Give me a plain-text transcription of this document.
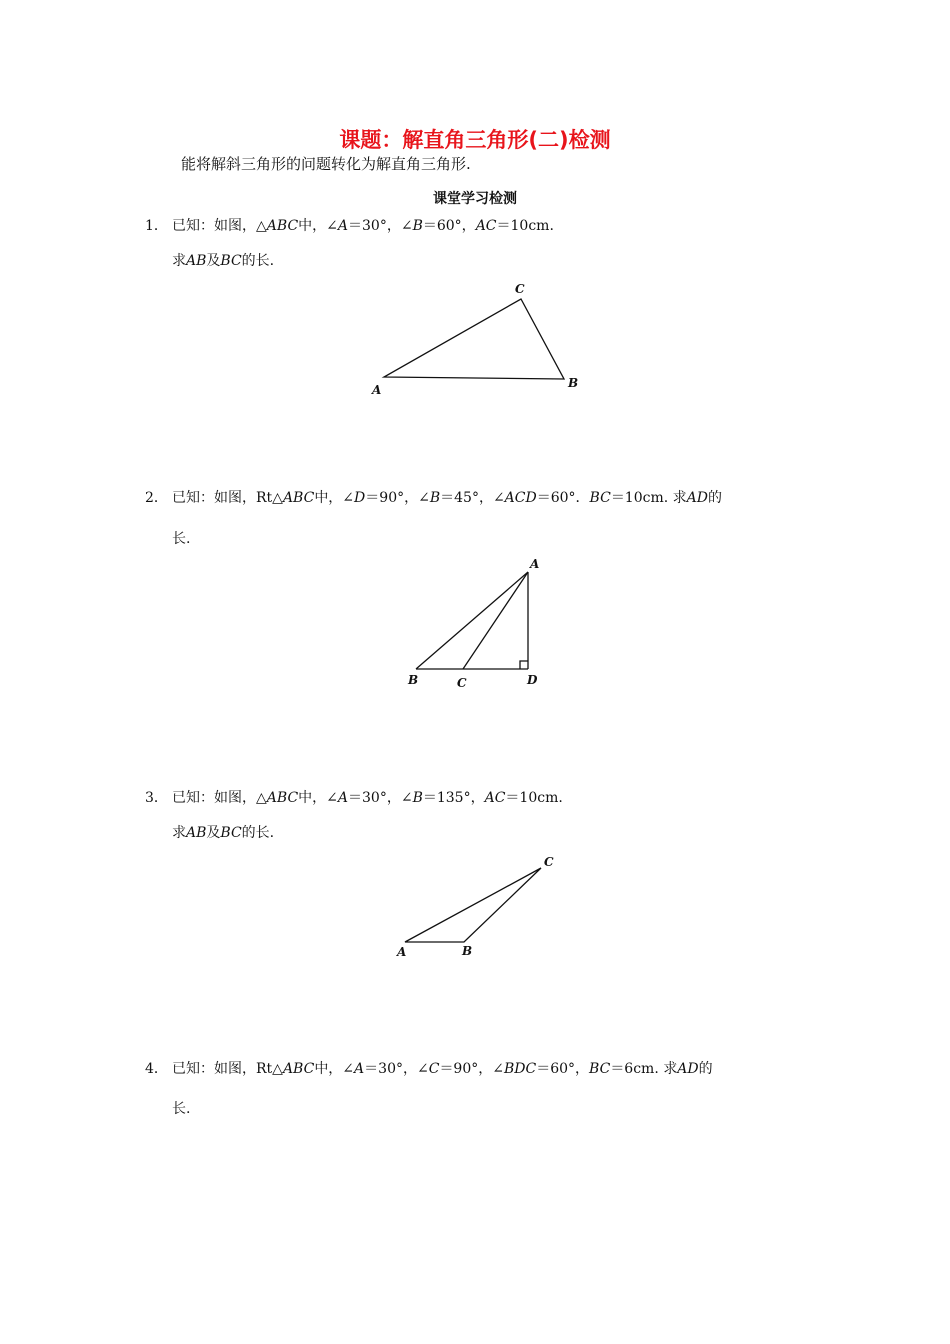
课题：解直角三角形(二)检测
能将解斜三角形的问题转化为解直角三角形.
课堂学习检测
1． 已知：如图，△ABC中，∠A＝30°，∠B＝60°，AC＝10cm.
求AB及BC的长.
A	B
C
2． 已知：如图，Rt△ABC中，∠D＝90°，∠B＝45°，∠ACD＝60°．BC＝10cm. 求AD的
长.
A
B	C	D
3． 已知：如图，△ABC中，∠A＝30°，∠B＝135°，AC＝10cm.
求AB及BC的长.
A	B
C
4． 已知：如图，Rt△ABC中，∠A＝30°，∠C＝90°，∠BDC＝60°，BC＝6cm. 求AD的
长.
